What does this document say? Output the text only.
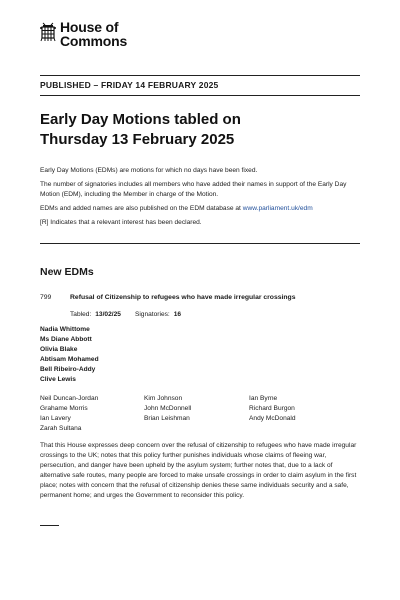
House of
Commons
PUBLISHED – FRIDAY 14 FEBRUARY 2025
Early Day Motions tabled on
Thursday 13 February 2025

Early Day Motions (EDMs) are motions for which no days have been fixed.

The number of signatories includes all members who have added their names in support of the Early Day Motion (EDM), including the Member in charge of the Motion.

EDMs and added names are also published on the EDM database at www.parliament.uk/edm

[R] Indicates that a relevant interest has been declared.

New EDMs
799	Refusal of Citizenship to refugees who have made irregular crossings
Tabled: 13/02/25 Signatories: 16
Nadia Whittome
Ms Diane Abbott
Olivia Blake
Abtisam Mohamed
Bell Ribeiro-Addy
Clive Lewis
Neil Duncan-Jordan
Grahame Morris
Ian Lavery
Zarah Sultana
Kim Johnson
John McDonnell
Brian Leishman
Ian Byrne
Richard Burgon
Andy McDonald
That this House expresses deep concern over the refusal of citizenship to refugees who have made irregular crossings to the UK; notes that this policy further punishes individuals whose claims of fleeing war, persecution, and danger have been upheld by the asylum system; further notes that, due to a lack of alternative safe routes, many people are forced to make unsafe crossings in order to claim asylum in the first place; notes with concern that the refusal of citizenship denies these same individuals security and a safe, permanent home; and urges the Government to reconsider this policy.
